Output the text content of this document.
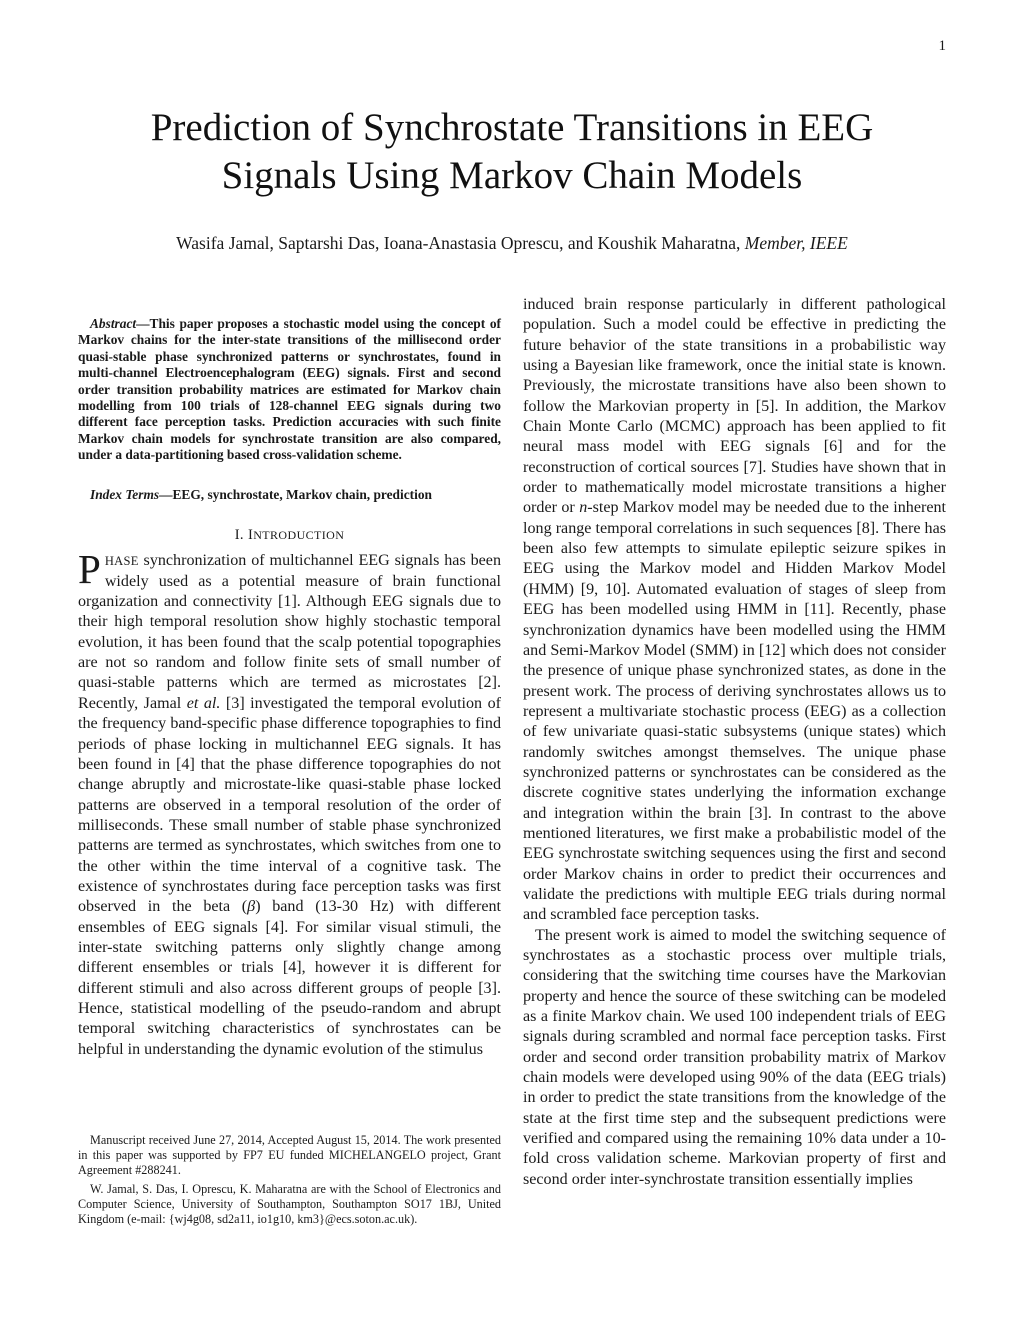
1
Prediction of Synchrostate Transitions in EEG
Signals Using Markov Chain Models
Wasifa Jamal, Saptarshi Das, Ioana-Anastasia Oprescu, and Koushik Maharatna, Member, IEEE

Abstract—This paper proposes a stochastic model using the concept of Markov chains for the inter-state transitions of the millisecond order quasi-stable phase synchronized patterns or synchrostates, found in multi-channel Electroencephalogram (EEG) signals. First and second order transition probability matrices are estimated for Markov chain modelling from 100 trials of 128-channel EEG signals during two different face perception tasks. Prediction accuracies with such finite Markov chain models for synchrostate transition are also compared, under a data-partitioning based cross-validation scheme.

Index Terms—EEG, synchrostate, Markov chain, prediction

I. INTRODUCTION

PHASE synchronization of multichannel EEG signals has been widely used as a potential measure of brain functional organization and connectivity [1]. Although EEG signals due to their high temporal resolution show highly stochastic temporal evolution, it has been found that the scalp potential topographies are not so random and follow finite sets of small number of quasi-stable patterns which are termed as microstates [2]. Recently, Jamal et al. [3] investigated the temporal evolution of the frequency band-specific phase difference topographies to find periods of phase locking in multichannel EEG signals. It has been found in [4] that the phase difference topographies do not change abruptly and microstate-like quasi-stable phase locked patterns are observed in a temporal resolution of the order of milliseconds. These small number of stable phase synchronized patterns are termed as synchrostates, which switches from one to the other within the time interval of a cognitive task. The existence of synchrostates during face perception tasks was first observed in the beta (β) band (13-30 Hz) with different ensembles of EEG signals [4]. For similar visual stimuli, the inter-state switching patterns only slightly change among different ensembles or trials [4], however it is different for different stimuli and also across different groups of people [3]. Hence, statistical modelling of the pseudo-random and abrupt temporal switching characteristics of synchrostates can be helpful in understanding the dynamic evolution of the stimulus

Manuscript received June 27, 2014, Accepted August 15, 2014. The work presented in this paper was supported by FP7 EU funded MICHELANGELO project, Grant Agreement #288241.

W. Jamal, S. Das, I. Oprescu, K. Maharatna are with the School of Electronics and Computer Science, University of Southampton, Southampton SO17 1BJ, United Kingdom (e-mail: {wj4g08, sd2a11, io1g10, km3}@ecs.soton.ac.uk).

induced brain response particularly in different pathological population. Such a model could be effective in predicting the future behavior of the state transitions in a probabilistic way using a Bayesian like framework, once the initial state is known. Previously, the microstate transitions have also been shown to follow the Markovian property in [5]. In addition, the Markov Chain Monte Carlo (MCMC) approach has been applied to fit neural mass model with EEG signals [6] and for the reconstruction of cortical sources [7]. Studies have shown that in order to mathematically model microstate transitions a higher order or n-step Markov model may be needed due to the inherent long range temporal correlations in such sequences [8]. There has been also few attempts to simulate epileptic seizure spikes in EEG using the Markov model and Hidden Markov Model (HMM) [9, 10]. Automated evaluation of stages of sleep from EEG has been modelled using HMM in [11]. Recently, phase synchronization dynamics have been modelled using the HMM and Semi-Markov Model (SMM) in [12] which does not consider the presence of unique phase synchronized states, as done in the present work. The process of deriving synchrostates allows us to represent a multivariate stochastic process (EEG) as a collection of few univariate quasi-static subsystems (unique states) which randomly switches amongst themselves. The unique phase synchronized patterns or synchrostates can be considered as the discrete cognitive states underlying the information exchange and integration within the brain [3]. In contrast to the above mentioned literatures, we first make a probabilistic model of the EEG synchrostate switching sequences using the first and second order Markov chains in order to predict their occurrences and validate the predictions with multiple EEG trials during normal and scrambled face perception tasks.

The present work is aimed to model the switching sequence of synchrostates as a stochastic process over multiple trials, considering that the switching time courses have the Markovian property and hence the source of these switching can be modeled as a finite Markov chain. We used 100 independent trials of EEG signals during scrambled and normal face perception tasks. First order and second order transition probability matrix of Markov chain models were developed using 90% of the data (EEG trials) in order to predict the state transitions from the knowledge of the state at the first time step and the subsequent predictions were verified and compared using the remaining 10% data under a 10-fold cross validation scheme. Markovian property of first and second order inter-synchrostate transition essentially implies
